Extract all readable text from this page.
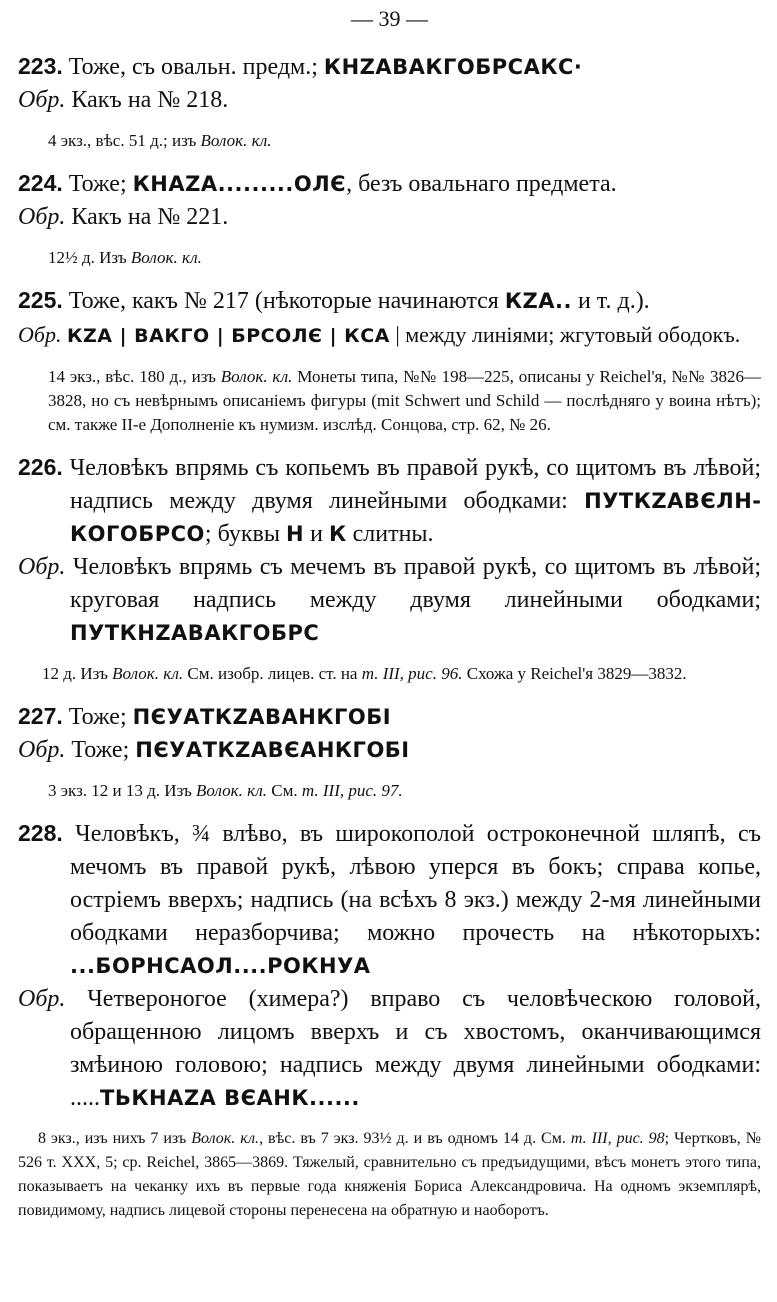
— 39 —
223. Тоже, съ овальн. предм.; КНZАВАКГОБРСАКС·
Обр. Какъ на № 218.
4 экз., вѣс. 51 д.; изъ Волок. кл.
224. Тоже; КНАZА.........ОЛЄ, безъ овальнаго предмета.
Обр. Какъ на № 221.
12½ д. Изъ Волок. кл.
225. Тоже, какъ № 217 (нѣкоторые начинаются КZА.. и т. д.).
Обр. КZА | ВАКГО | БРСОЛЄ | КСА | между линіями; жгутовый ободокъ.
14 экз., вѣс. 180 д., изъ Волок. кл. Монеты типа, №№ 198—225, описаны у Reichel'я, №№ 3826—3828, но съ невѣрнымъ описаніемъ фигуры (mit Schwert und Schild — послѣдняго у воина нѣтъ); см. также II-е Дополненіе къ нумизм. изслѣд. Сонцова, стр. 62, № 26.
226. Человѣкъ впрямь съ копьемъ въ правой рукѣ, со щитомъ въ лѣвой; надпись между двумя линейными ободками: ПУТКZАВЄЛНКОГОБРСО; буквы Н и К слитны.
Обр. Человѣкъ впрямь съ мечемъ въ правой рукѣ, со щитомъ въ лѣвой; круговая надпись между двумя линейными ободками; ПУТКНZАВАКГОБРС
12 д. Изъ Волок. кл. См. изобр. лицев. ст. на т. III, рис. 96. Схожа у Reichel'я 3829—3832.
227. Тоже; ПЄУАТКZАВАНКГОБІ
Обр. Тоже; ПЄУАТКZАВЄАНКГОБІ
3 экз. 12 и 13 д. Изъ Волок. кл. См. т. III, рис. 97.
228. Человѣкъ, ¾ влѣво, въ широкополой остроконечной шляпѣ, съ мечомъ въ правой рукѣ, лѣвою уперся въ бокъ; справа копье, остріемъ вверхъ; надпись (на всѣхъ 8 экз.) между 2-мя линейными ободками неразборчива; можно прочесть на нѣкоторыхъ: ...БОРНСАОЛ....РОКНУА
Обр. Четвероногое (химера?) вправо съ человѣческою головой, обращенною лицомъ вверхъ и съ хвостомъ, оканчивающимся змѣиною головою; надпись между двумя линейными ободками: .....ТЬКНАZА ВЄАНК......
8 экз., изъ нихъ 7 изъ Волок. кл., вѣс. въ 7 экз. 93½ д. и въ одномъ 14 д. См. т. III, рис. 98; Чертковъ, № 526 т. XXX, 5; ср. Reichel, 3865—3869. Тяжелый, сравнительно съ предъидущими, вѣсъ монетъ этого типа, показываетъ на чеканку ихъ въ первые года княженія Бориса Александровича. На одномъ экземплярѣ, повидимому, надпись лицевой стороны перенесена на обратную и наоборотъ.
